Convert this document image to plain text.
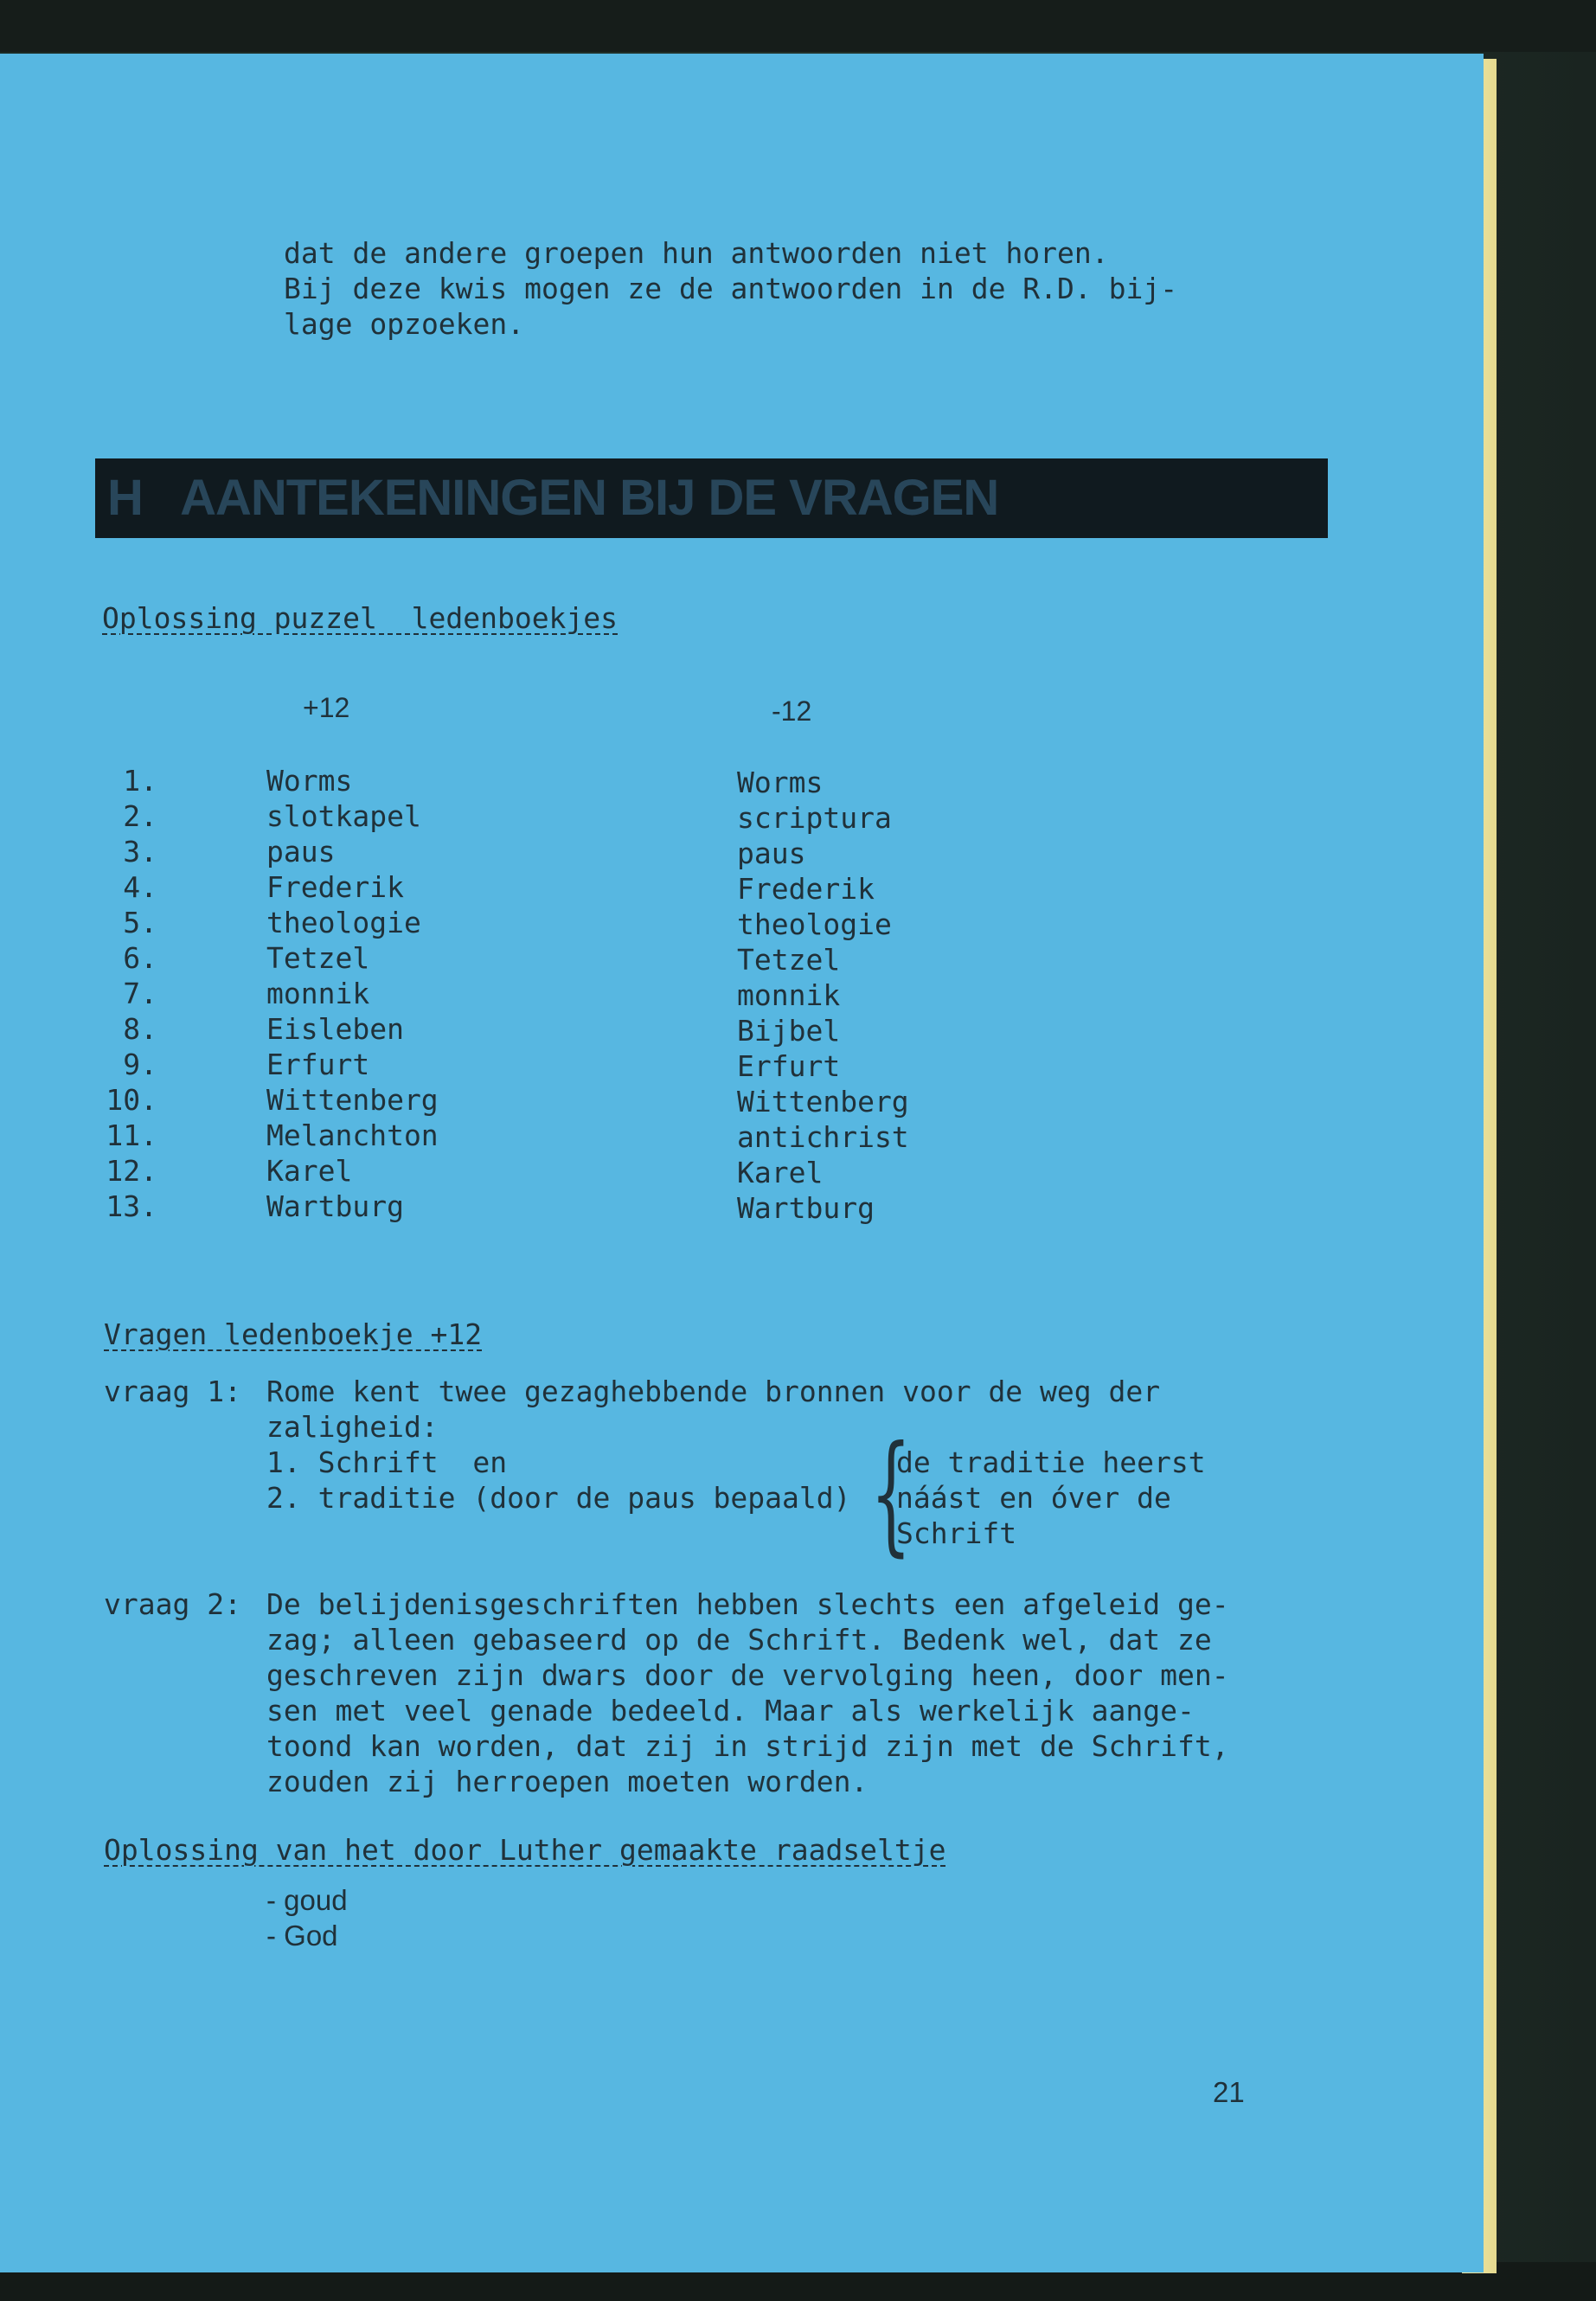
dat de andere groepen hun antwoorden niet horen.
Bij deze kwis mogen ze de antwoorden in de R.D. bij-
lage opzoeken.
H   AANTEKENINGEN BIJ DE VRAGEN
Oplossing puzzel  ledenboekjes
+12	-12
1.	Worms	Worms
2.	slotkapel	scriptura
3.	paus	paus
4.	Frederik	Frederik
5.	theologie	theologie
6.	Tetzel	Tetzel
7.	monnik	monnik
8.	Eisleben	Bijbel
9.	Erfurt	Erfurt
10.	Wittenberg	Wittenberg
11.	Melanchton	antichrist
12.	Karel	Karel
13.	Wartburg	Wartburg
Vragen ledenboekje +12
vraag 1: Rome kent twee gezaghebbende bronnen voor de weg der
zaligheid:
1. Schrift  en
2. traditie (door de paus bepaald) {
de traditie heerst
náást en óver de
Schrift
vraag 2: De belijdenisgeschriften hebben slechts een afgeleid ge-
zag; alleen gebaseerd op de Schrift. Bedenk wel, dat ze
geschreven zijn dwars door de vervolging heen, door men-
sen met veel genade bedeeld. Maar als werkelijk aange-
toond kan worden, dat zij in strijd zijn met de Schrift,
zouden zij herroepen moeten worden.
Oplossing van het door Luther gemaakte raadseltje
- goud
- God
21
